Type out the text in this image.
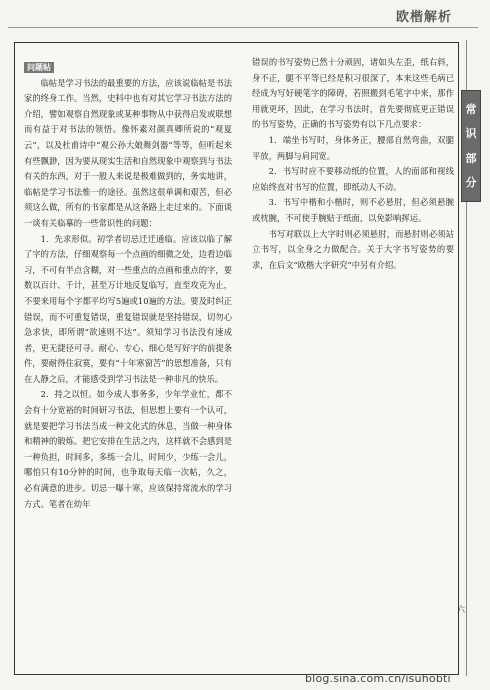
欧楷解析
常
识
部
分
问题帖

临帖是学习书法的最重要的方法，应该说临帖是书法家的终身工作。当然，史料中也有对其它学习书法方法的介绍，譬如观察自然现象或某种事物从中获得启发或联想而有益于对书法的领悟。像怀素对颜真卿所说的“观夏云”，以及杜甫诗中“观公孙大娘舞剑器”等等，但听起来有些飘渺，因为要从现实生活和自然现象中观察到与书法有关的东西，对于一般人来说是极难做到的，务实地讲，临帖是学习书法惟一的途径。虽然这很单调和艰苦，但必须这么做，所有的书家都是从这条路上走过来的。下面谈一谈有关临摹的一些常识性的问题：

1．先求形似。初学者切忌迁迁通临。应该以临了解了字的方法，仔细观察每一个点画的细微之处，边看边临习，不可有半点含糊，对一些重点的点画和重点的字，要数以百计、千计，甚至万计地反复临写，直至攻克为止，不要来用每个字都平均写5遍或10遍的方法。要及时纠正错误，而不可重复错误，重复错误就是坚持错误，切勿心急求快，即所谓“欲速则不达”。须知学习书法没有速成者，更无捷径可寻。耐心、专心、细心是写好字的前提条件，要耐得住寂寞，要有“十年寒窗苦”的思想准备，只有在人静之后，才能感受到学习书法是一种非凡的快乐。

2．持之以恒。如今成人事务多，少年学业忙，都不会有十分宽裕的时间研习书法，但思想上要有一个认可，就是要把学习书法当成一种文化式的休息，当做一种身体和精神的锻炼。把它安排在生活之内，这样就不会感到是一种负担，时间多，多练一会儿，时间少，少练一会儿，哪怕只有10分钟的时间，也争取每天临一次帖，久之，必有满意的进步。切忌一曝十寒，应该保持常流水的学习方式。笔者在幼年

错误的书写姿势已然十分顽固，诸如头左歪，纸右斜，身不正，腿不平等已经是积习很深了，本来这些毛病已经成为写好硬笔字的障碍，若照搬到毛笔字中来，那作用就更坏，因此，在学习书法时，首先要彻底更正错误的书写姿势，正确的书写姿势有以下几点要求：

1．端坐书写时，身体务正，腰部自然弯曲，双腿平放，两脚与肩同宽。

2．书写时应不要移动纸的位置，人的面部和视线应始终直对书写的位置，即纸动人不动。

3．书写中楷和小楷时，则不必悬肘，但必须悬腕或枕腕，不可使手腕贴于纸面，以免影响挥运。

书写对联以上大字时则必须悬肘，而悬肘则必须站立书写，以全身之力做配合。关于大字书写姿势的要求，在后文“欧楷大字研究”中另有介绍。

六
blog.sina.com.cn/isuhobti
